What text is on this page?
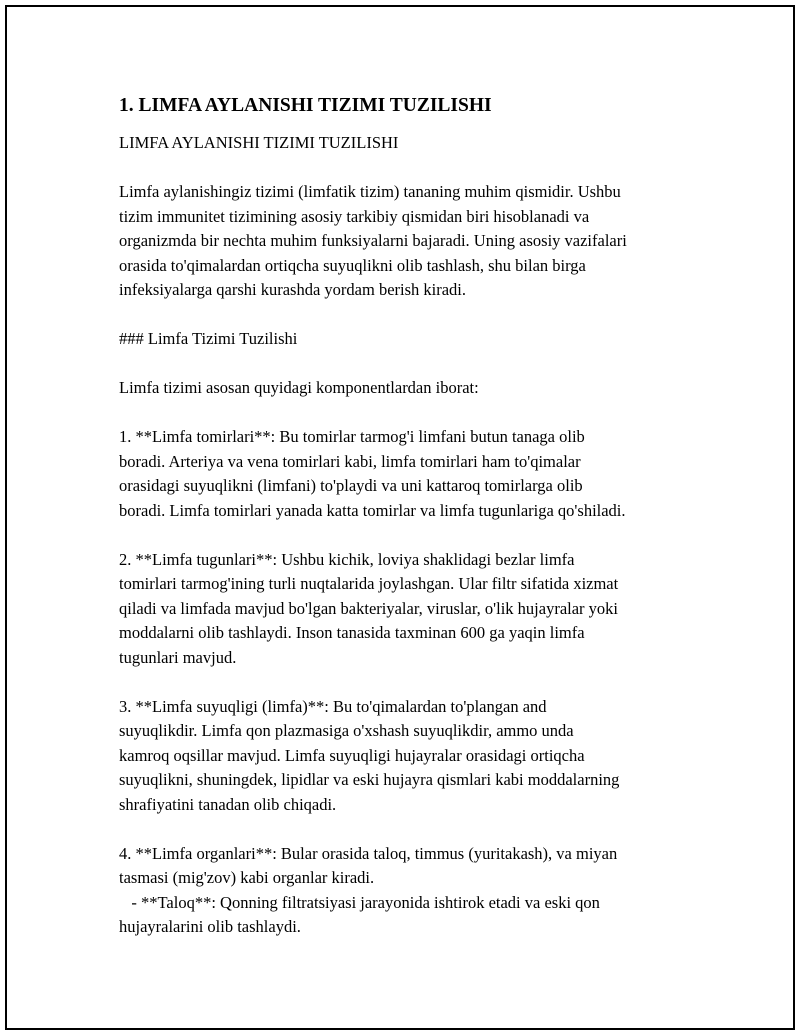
1. LIMFA AYLANISHI TIZIMI TUZILISHI
LIMFA AYLANISHI TIZIMI TUZILISHI
Limfa aylanishingiz tizimi (limfatik tizim) tananing muhim qismidir. Ushbu
tizim immunitet tizimining asosiy tarkibiy qismidan biri hisoblanadi va
organizmda bir nechta muhim funksiyalarni bajaradi. Uning asosiy vazifalari
orasida to'qimalardan ortiqcha suyuqlikni olib tashlash, shu bilan birga
infeksiyalarga qarshi kurashda yordam berish kiradi.
### Limfa Tizimi Tuzilishi
Limfa tizimi asosan quyidagi komponentlardan iborat:
1. **Limfa tomirlari**: Bu tomirlar tarmog'i limfani butun tanaga olib
boradi. Arteriya va vena tomirlari kabi, limfa tomirlari ham to'qimalar
orasidagi suyuqlikni (limfani) to'playdi va uni kattaroq tomirlarga olib
boradi. Limfa tomirlari yanada katta tomirlar va limfa tugunlariga qo'shiladi.
2. **Limfa tugunlari**: Ushbu kichik, loviya shaklidagi bezlar limfa
tomirlari tarmog'ining turli nuqtalarida joylashgan. Ular filtr sifatida xizmat
qiladi va limfada mavjud bo'lgan bakteriyalar, viruslar, o'lik hujayralar yoki
moddalarni olib tashlaydi. Inson tanasida taxminan 600 ga yaqin limfa
tugunlari mavjud.
3. **Limfa suyuqligi (limfa)**: Bu to'qimalardan to'plangan and
suyuqlikdir. Limfa qon plazmasiga o'xshash suyuqlikdir, ammo unda
kamroq oqsillar mavjud. Limfa suyuqligi hujayralar orasidagi ortiqcha
suyuqlikni, shuningdek, lipidlar va eski hujayra qismlari kabi moddalarning
shrafiyatini tanadan olib chiqadi.
4. **Limfa organlari**: Bular orasida taloq, timmus (yuritakash), va miyan
tasmasi (mig'zov) kabi organlar kiradi.
- **Taloq**: Qonning filtratsiyasi jarayonida ishtirok etadi va eski qon
hujayralarini olib tashlaydi.
